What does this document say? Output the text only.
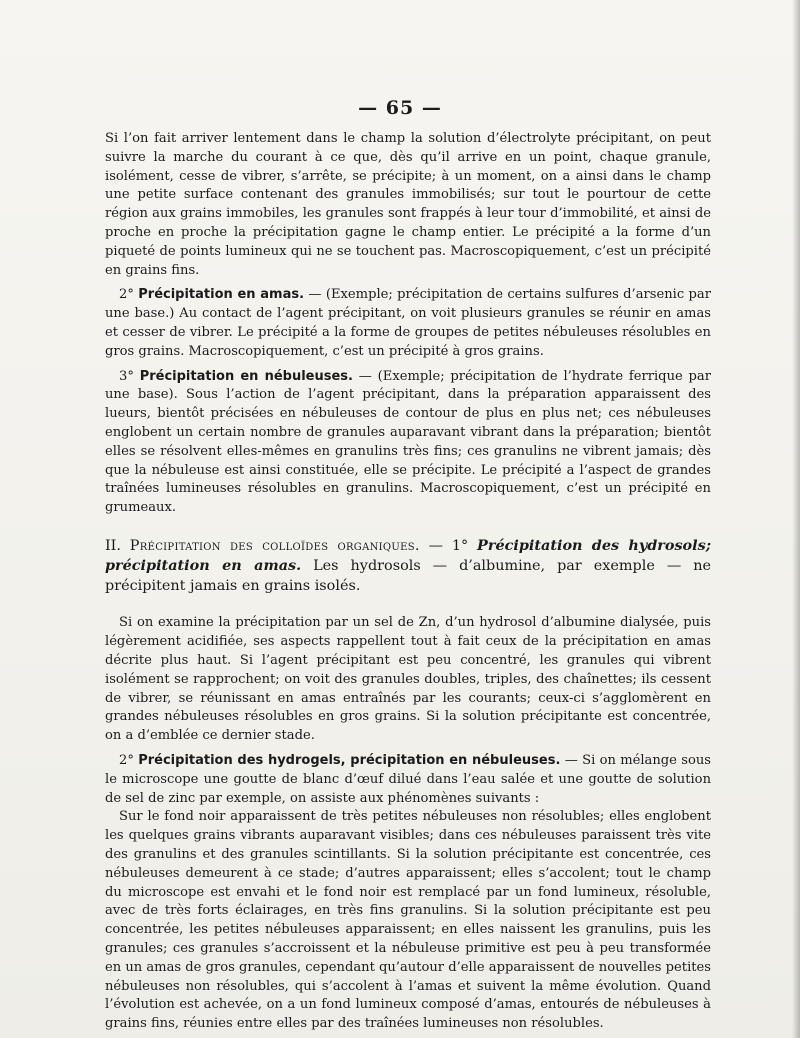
— 65 —

Si l’on fait arriver lentement dans le champ la solution d’électrolyte précipitant, on peut suivre la marche du courant à ce que, dès qu’il arrive en un point, chaque granule, isolément, cesse de vibrer, s’arrête, se précipite; à un moment, on a ainsi dans le champ une petite surface contenant des granules immobilisés; sur tout le pourtour de cette région aux grains immobiles, les granules sont frappés à leur tour d’immobilité, et ainsi de proche en proche la précipitation gagne le champ entier. Le précipité a la forme d’un piqueté de points lumineux qui ne se touchent pas. Macroscopiquement, c’est un précipité en grains fins.

2° Précipitation en amas. — (Exemple; précipitation de certains sulfures d’arsenic par une base.) Au contact de l’agent précipitant, on voit plusieurs granules se réunir en amas et cesser de vibrer. Le précipité a la forme de groupes de petites nébuleuses résolubles en gros grains. Macroscopiquement, c’est un précipité à gros grains.

3° Précipitation en nébuleuses. — (Exemple; précipitation de l’hydrate ferrique par une base). Sous l’action de l’agent précipitant, dans la préparation apparaissent des lueurs, bientôt précisées en nébuleuses de contour de plus en plus net; ces nébuleuses englobent un certain nombre de granules auparavant vibrant dans la préparation; bientôt elles se résolvent elles-mêmes en granulins très fins; ces granulins ne vibrent jamais; dès que la nébuleuse est ainsi constituée, elle se précipite. Le précipité a l’aspect de grandes traînées lumineuses résolubles en granulins. Macroscopiquement, c’est un précipité en grumeaux.

II. Précipitation des colloïdes organiques. — 1° Précipitation des hydrosols; précipitation en amas. Les hydrosols — d’albumine, par exemple — ne précipitent jamais en grains isolés.

Si on examine la précipitation par un sel de Zn, d’un hydrosol d’albumine dialysée, puis légèrement acidifiée, ses aspects rappellent tout à fait ceux de la précipitation en amas décrite plus haut. Si l’agent précipitant est peu concentré, les granules qui vibrent isolément se rapprochent; on voit des granules doubles, triples, des chaînettes; ils cessent de vibrer, se réunissant en amas entraînés par les courants; ceux-ci s’agglomèrent en grandes nébuleuses résolubles en gros grains. Si la solution précipitante est concentrée, on a d’emblée ce dernier stade.

2° Précipitation des hydrogels, précipitation en nébuleuses. — Si on mélange sous le microscope une goutte de blanc d’œuf dilué dans l’eau salée et une goutte de solution de sel de zinc par exemple, on assiste aux phénomènes suivants :

Sur le fond noir apparaissent de très petites nébuleuses non résolubles; elles englobent les quelques grains vibrants auparavant visibles; dans ces nébuleuses paraissent très vite des granulins et des granules scintillants. Si la solution précipitante est concentrée, ces nébuleuses demeurent à ce stade; d’autres apparaissent; elles s’accolent; tout le champ du microscope est envahi et le fond noir est remplacé par un fond lumineux, résoluble, avec de très forts éclairages, en très fins granulins. Si la solution précipitante est peu concentrée, les petites nébuleuses apparaissent; en elles naissent les granulins, puis les granules; ces granules s’accroissent et la nébuleuse primitive est peu à peu transformée en un amas de gros granules, cependant qu’autour d’elle apparaissent de nouvelles petites nébuleuses non résolubles, qui s’accolent à l’amas et suivent la même évolution. Quand l’évolution est achevée, on a un fond lumineux composé d’amas, entourés de nébuleuses à grains fins, réunies entre elles par des traînées lumineuses non résolubles.
